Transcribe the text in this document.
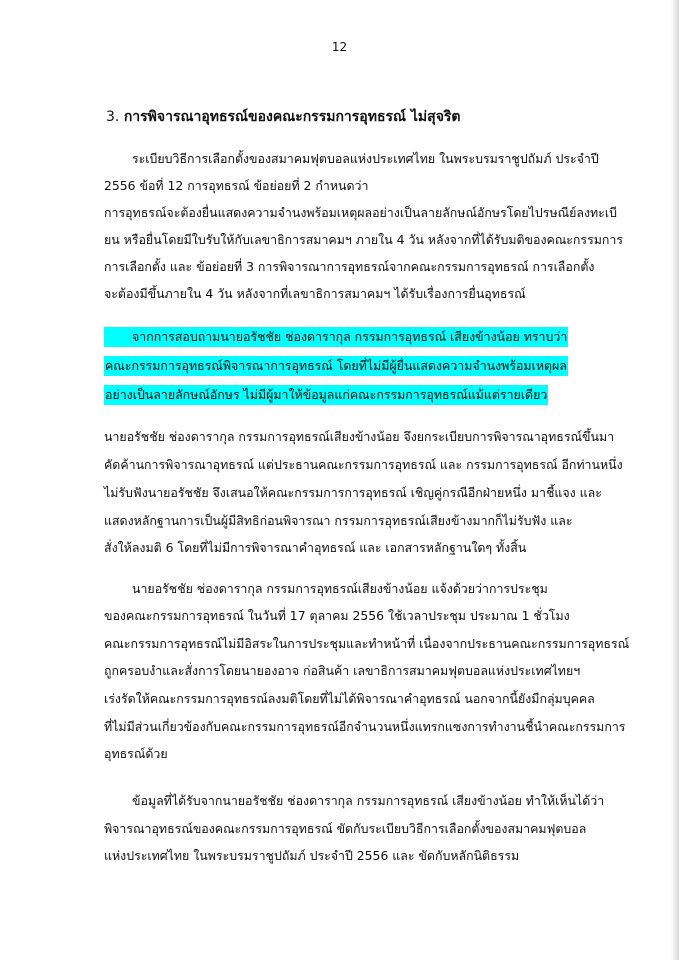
12
3. การพิจารณาอุทธรณ์ของคณะกรรมการอุทธรณ์ ไม่สุจริต
ระเบียบวิธีการเลือกตั้งของสมาคมฟุตบอลแห่งประเทศไทย ในพระบรมราชูปถัมภ์ ประจำปี
2556 ข้อที่ 12 การอุทธรณ์ ข้อย่อยที่ 2 กำหนดว่า
การอุทธรณ์จะต้องยื่นแสดงความจำนงพร้อมเหตุผลอย่างเป็นลายลักษณ์อักษรโดยไปรษณีย์ลงทะเบี
ยน หรือยื่นโดยมีใบรับให้กับเลขาธิการสมาคมฯ ภายใน 4 วัน หลังจากที่ได้รับมติของคณะกรรมการ
การเลือกตั้ง และ ข้อย่อยที่ 3 การพิจารณาการอุทธรณ์จากคณะกรรมการอุทธรณ์ การเลือกตั้ง
จะต้องมีขึ้นภายใน 4 วัน หลังจากที่เลขาธิการสมาคมฯ ได้รับเรื่องการยื่นอุทธรณ์
จากการสอบถามนายอรัชชัย ช่องดารากุล กรรมการอุทธรณ์ เสียงข้างน้อย ทราบว่า
คณะกรรมการอุทธรณ์พิจารณาการอุทธรณ์ โดยที่ไม่มีผู้ยื่นแสดงความจำนงพร้อมเหตุผล
อย่างเป็นลายลักษณ์อักษร ไม่มีผู้มาให้ข้อมูลแก่คณะกรรมการอุทธรณ์แม้แต่รายเดียว
นายอรัชชัย ช่องดารากุล กรรมการอุทธรณ์เสียงข้างน้อย จึงยกระเบียบการพิจารณาอุทธรณ์ขึ้นมา
คัดค้านการพิจารณาอุทธรณ์ แต่ประธานคณะกรรมการอุทธรณ์ และ กรรมการอุทธรณ์ อีกท่านหนึ่ง
ไม่รับฟังนายอรัชชัย จึงเสนอให้คณะกรรมการการอุทธรณ์ เชิญคู่กรณีอีกฝ่ายหนึ่ง มาชี้แจง และ
แสดงหลักฐานการเป็นผู้มีสิทธิก่อนพิจารณา กรรมการอุทธรณ์เสียงข้างมากก็ไม่รับฟัง และ
สั่งให้ลงมติ 6 โดยที่ไม่มีการพิจารณาคำอุทธรณ์ และ เอกสารหลักฐานใดๆ ทั้งสิ้น
นายอรัชชัย ช่องดารากุล กรรมการอุทธรณ์เสียงข้างน้อย แจ้งด้วยว่าการประชุม
ของคณะกรรมการอุทธรณ์ ในวันที่ 17 ตุลาคม 2556 ใช้เวลาประชุม ประมาณ 1 ชั่วโมง
คณะกรรมการอุทธรณ์ไม่มีอิสระในการประชุมและทำหน้าที่ เนื่องจากประธานคณะกรรมการอุทธรณ์
ถูกครอบงำและสั่งการโดยนายองอาจ ก่อสินค้า เลขาธิการสมาคมฟุตบอลแห่งประเทศไทยฯ
เร่งรัดให้คณะกรรมการอุทธรณ์ลงมติโดยที่ไม่ได้พิจารณาคำอุทธรณ์ นอกจากนี้ยังมีกลุ่มบุคคล
ที่ไม่มีส่วนเกี่ยวข้องกับคณะกรรมการอุทธรณ์อีกจำนวนหนึ่งแทรกแซงการทำงานชี้นำคณะกรรมการ
อุทธรณ์ด้วย
ข้อมูลที่ได้รับจากนายอรัชชัย ช่องดารากุล กรรมการอุทธรณ์ เสียงข้างน้อย ทำให้เห็นได้ว่า
พิจารณาอุทธรณ์ของคณะกรรมการอุทธรณ์ ขัดกับระเบียบวิธีการเลือกตั้งของสมาคมฟุตบอล
แห่งประเทศไทย ในพระบรมราชูปถัมภ์ ประจำปี 2556 และ ขัดกับหลักนิติธรรม
